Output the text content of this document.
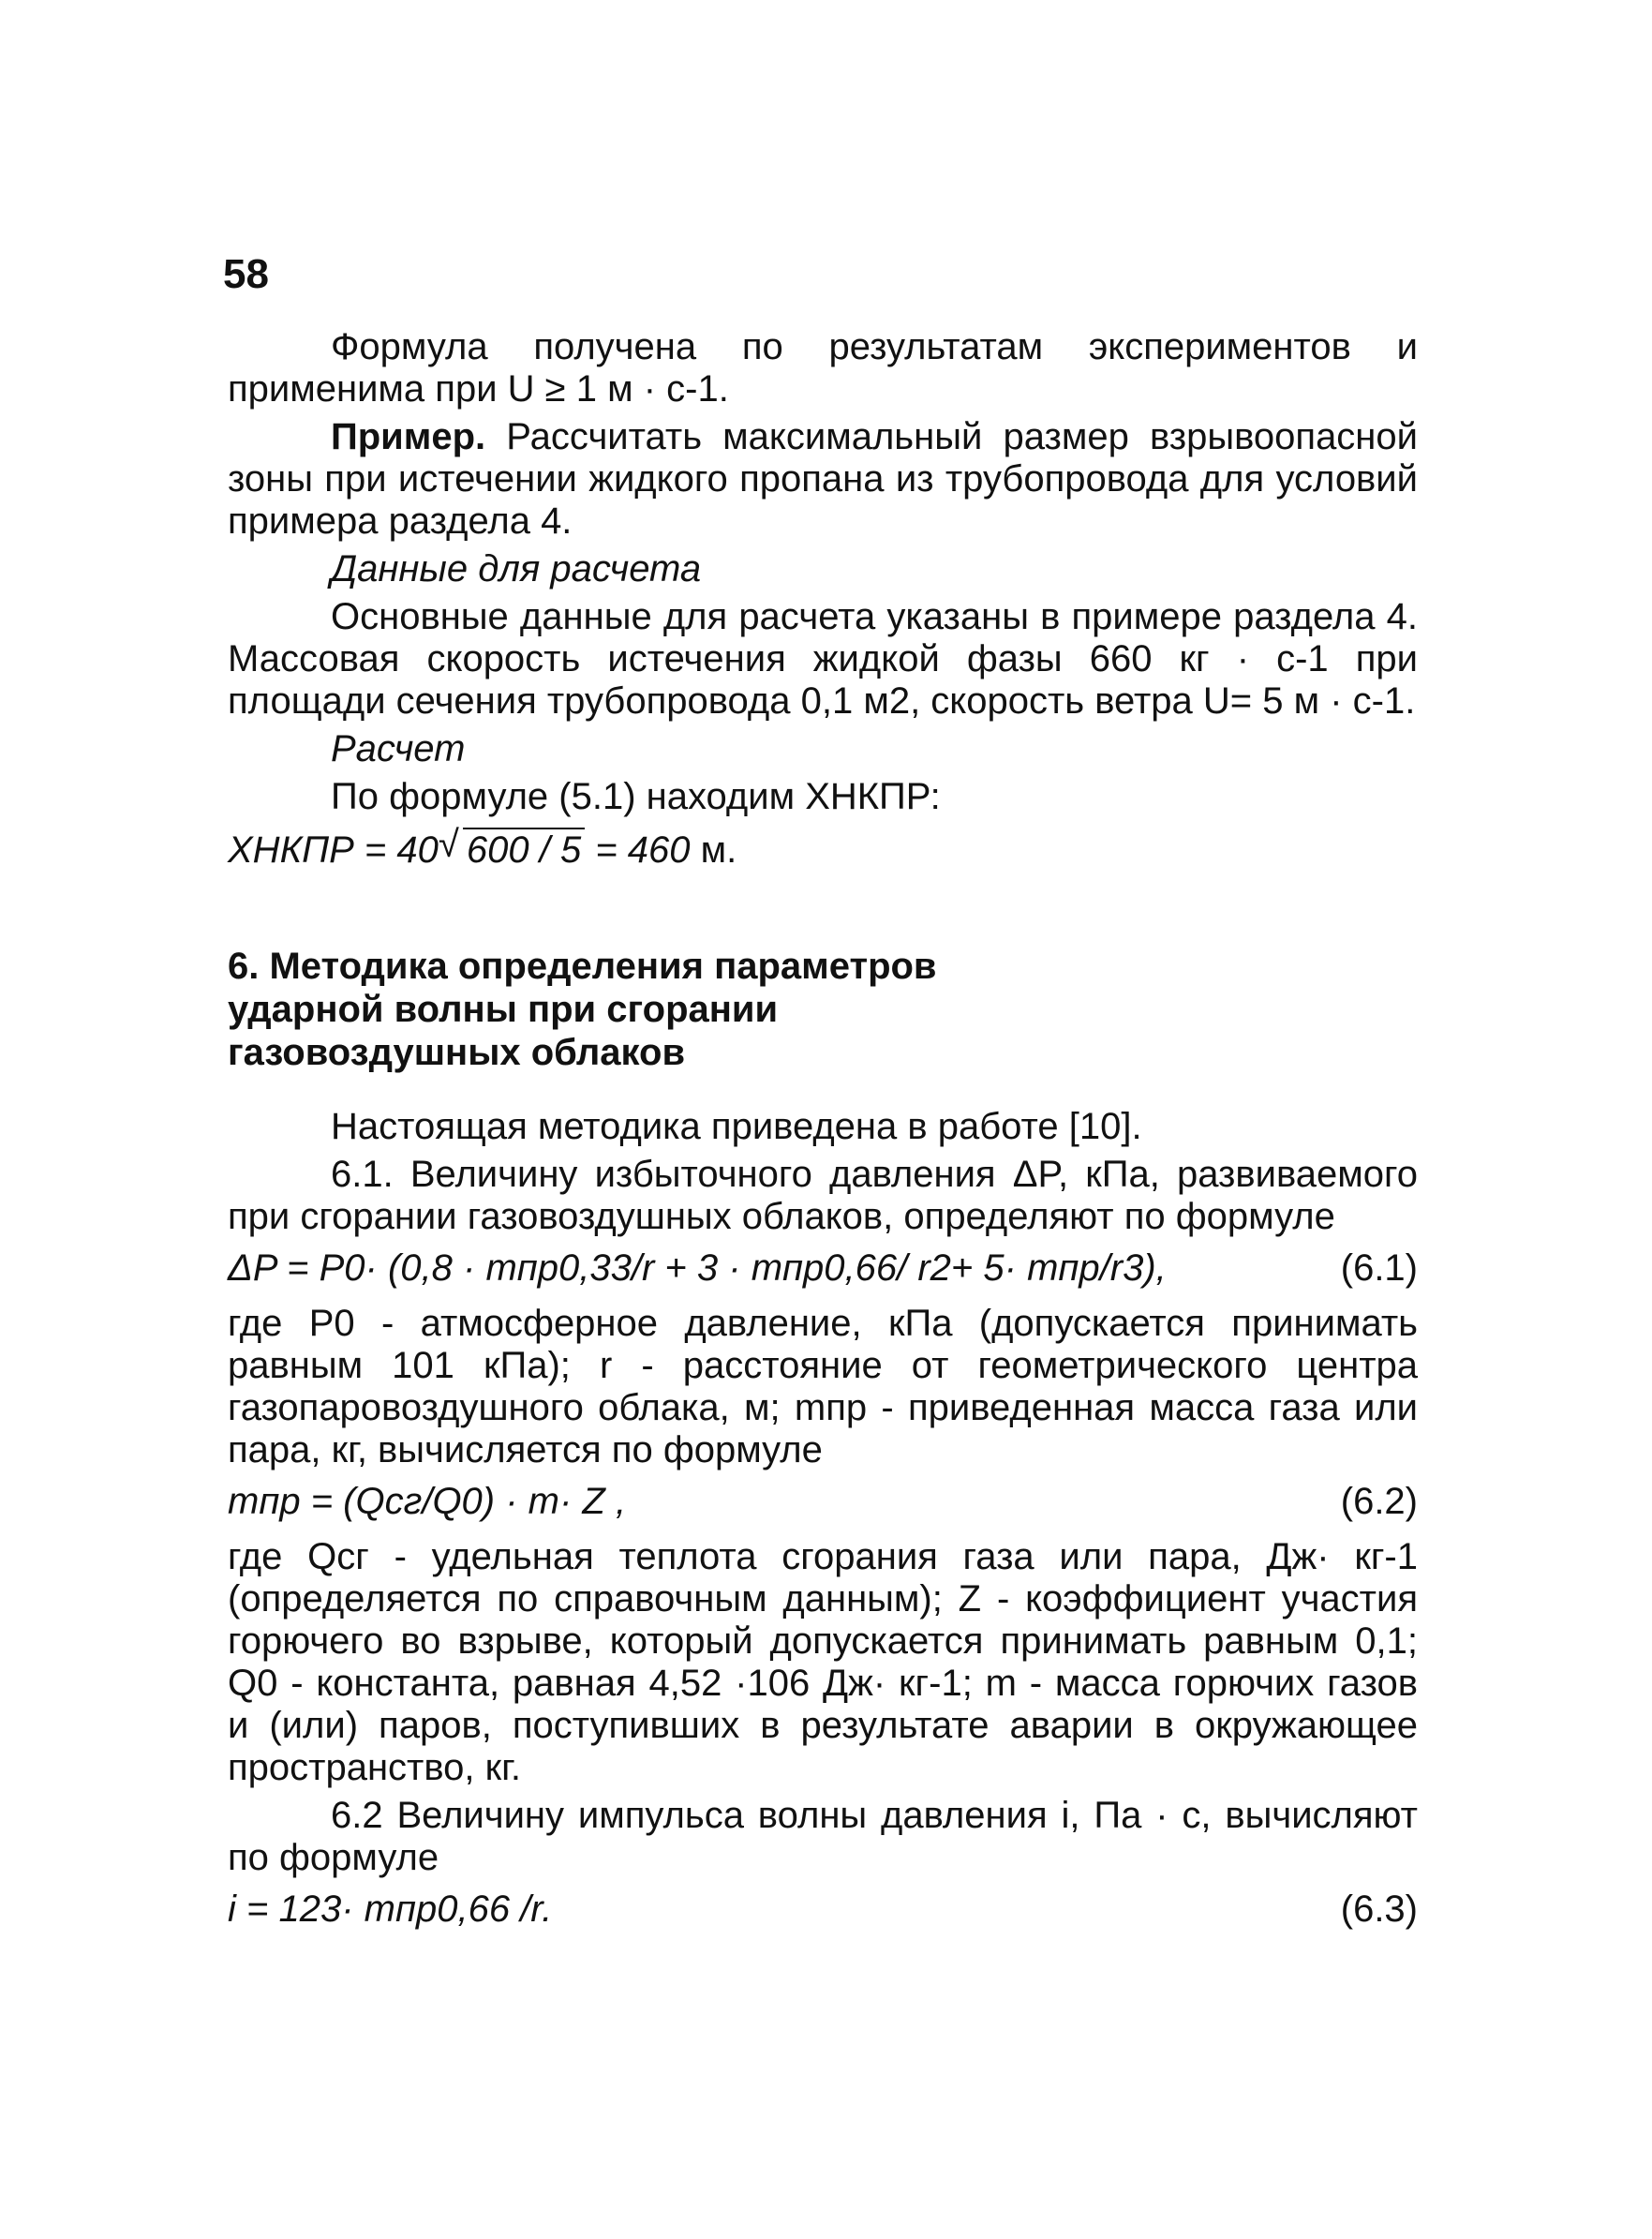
58

Формула получена по результатам экспериментов и применима при U ≥ 1 м · с-1.

Пример. Рассчитать максимальный размер взрывоопасной зоны при истечении жидкого пропана из трубопровода для условий примера раздела 4.

Данные для расчета

Основные данные для расчета указаны в примере раздела 4. Массовая скорость истечения жидкой фазы 660 кг · с-1 при площади сечения трубопровода 0,1 м2, скорость ветра U= 5 м · с-1.

Расчет

По формуле (5.1) находим XНКПР:

XНКПР = 40√ 600 / 5 = 460 м.
6. Методика определения параметров
ударной волны при сгорании
газовоздушных облаков

Настоящая методика приведена в работе [10].

6.1. Величину избыточного давления ΔP, кПа, развиваемого при сгорании газовоздушных облаков, определяют по формуле

ΔP = P0· (0,8 · mпр0,33/r + 3 · mпр0,66/ r2+ 5· mпр/r3),	(6.1)

где P0 - атмосферное давление, кПа (допускается принимать равным 101 кПа); r - расстояние от геометрического центра газопаровоздушного облака, м; mпр - приведенная масса газа или пара, кг, вычисляется по формуле

mпр = (Qсг/Q0) · m· Z ,	(6.2)

где Qсг - удельная теплота сгорания газа или пара, Дж· кг-1 (определяется по справочным данным); Z - коэффициент участия горючего во взрыве, который допускается принимать равным 0,1; Q0 - константа, равная 4,52 ·106 Дж· кг-1; m - масса горючих газов и (или) паров, поступивших в результате аварии в окружающее пространство, кг.

6.2 Величину импульса волны давления i, Па · с, вычисляют по формуле

i = 123· mпр0,66 /r.	(6.3)
